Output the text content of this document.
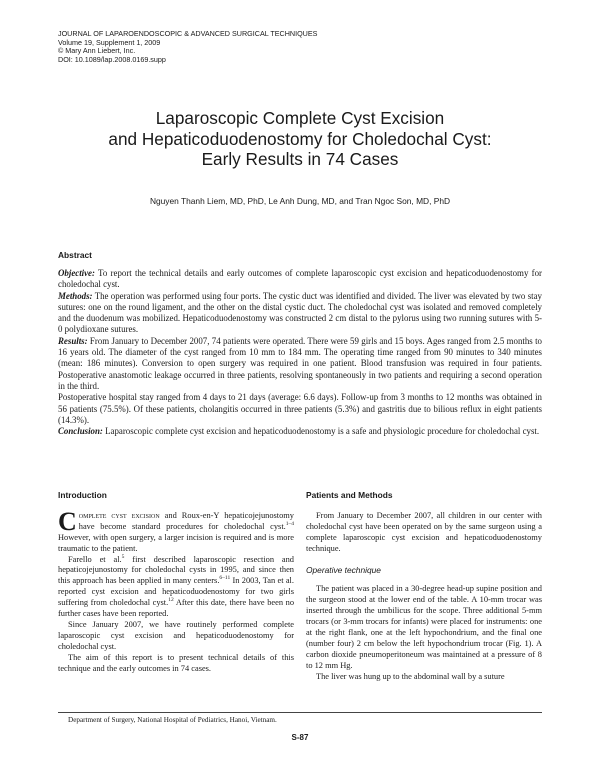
JOURNAL OF LAPAROENDOSCOPIC & ADVANCED SURGICAL TECHNIQUES
Volume 19, Supplement 1, 2009
© Mary Ann Liebert, Inc.
DOI: 10.1089/lap.2008.0169.supp
Laparoscopic Complete Cyst Excision
and Hepaticoduodenostomy for Choledochal Cyst:
Early Results in 74 Cases
Nguyen Thanh Liem, MD, PhD, Le Anh Dung, MD, and Tran Ngoc Son, MD, PhD
Abstract

Objective: To report the technical details and early outcomes of complete laparoscopic cyst excision and hepaticoduodenostomy for choledochal cyst.

Methods: The operation was performed using four ports. The cystic duct was identified and divided. The liver was elevated by two stay sutures: one on the round ligament, and the other on the distal cystic duct. The choledochal cyst was isolated and removed completely and the duodenum was mobilized. Hepaticoduodenostomy was constructed 2 cm distal to the pylorus using two running sutures with 5-0 polydioxane sutures.

Results: From January to December 2007, 74 patients were operated. There were 59 girls and 15 boys. Ages ranged from 2.5 months to 16 years old. The diameter of the cyst ranged from 10 mm to 184 mm. The operating time ranged from 90 minutes to 340 minutes (mean: 186 minutes). Conversion to open surgery was required in one patient. Blood transfusion was required in four patients. Postoperative anastomotic leakage occurred in three patients, resolving spontaneously in two patients and requiring a second operation in the third.

Postoperative hospital stay ranged from 4 days to 21 days (average: 6.6 days). Follow-up from 3 months to 12 months was obtained in 56 patients (75.5%). Of these patients, cholangitis occurred in three patients (5.3%) and gastritis due to bilious reflux in eight patients (14.3%).

Conclusion: Laparoscopic complete cyst excision and hepaticoduodenostomy is a safe and physiologic procedure for choledochal cyst.

Introduction

Complete cyst excision and Roux-en-Y hepaticojejunostomy have become standard procedures for choledochal cyst.$^{1-4}$ However, with open surgery, a larger incision is required and is more traumatic to the patient.

Farello et al.$^5$ first described laparoscopic resection and hepaticojejunostomy for choledochal cysts in 1995, and since then this approach has been applied in many centers.$^{6-11}$ In 2003, Tan et al. reported cyst excision and hepaticoduodenostomy for two girls suffering from choledochal cyst.$^{12}$ After this date, there have been no further cases have been reported.

Since January 2007, we have routinely performed complete laparoscopic cyst excision and hepaticoduodenostomy for choledochal cyst.

The aim of this report is to present technical details of this technique and the early outcomes in 74 cases.

Patients and Methods

From January to December 2007, all children in our center with choledochal cyst have been operated on by the same surgeon using a complete laparoscopic cyst excision and hepaticoduodenostomy technique.

Operative technique

The patient was placed in a 30-degree head-up supine position and the surgeon stood at the lower end of the table. A 10-mm trocar was inserted through the umbilicus for the scope. Three additional 5-mm trocars (or 3-mm trocars for infants) were placed for instruments: one at the right flank, one at the left hypochondrium, and the final one (number four) 2 cm below the left hypochondrium trocar (Fig. 1). A carbon dioxide pneumoperitoneum was maintained at a pressure of 8 to 12 mm Hg.

The liver was hung up to the abdominal wall by a suture

Department of Surgery, National Hospital of Pediatrics, Hanoi, Vietnam.
S-87
